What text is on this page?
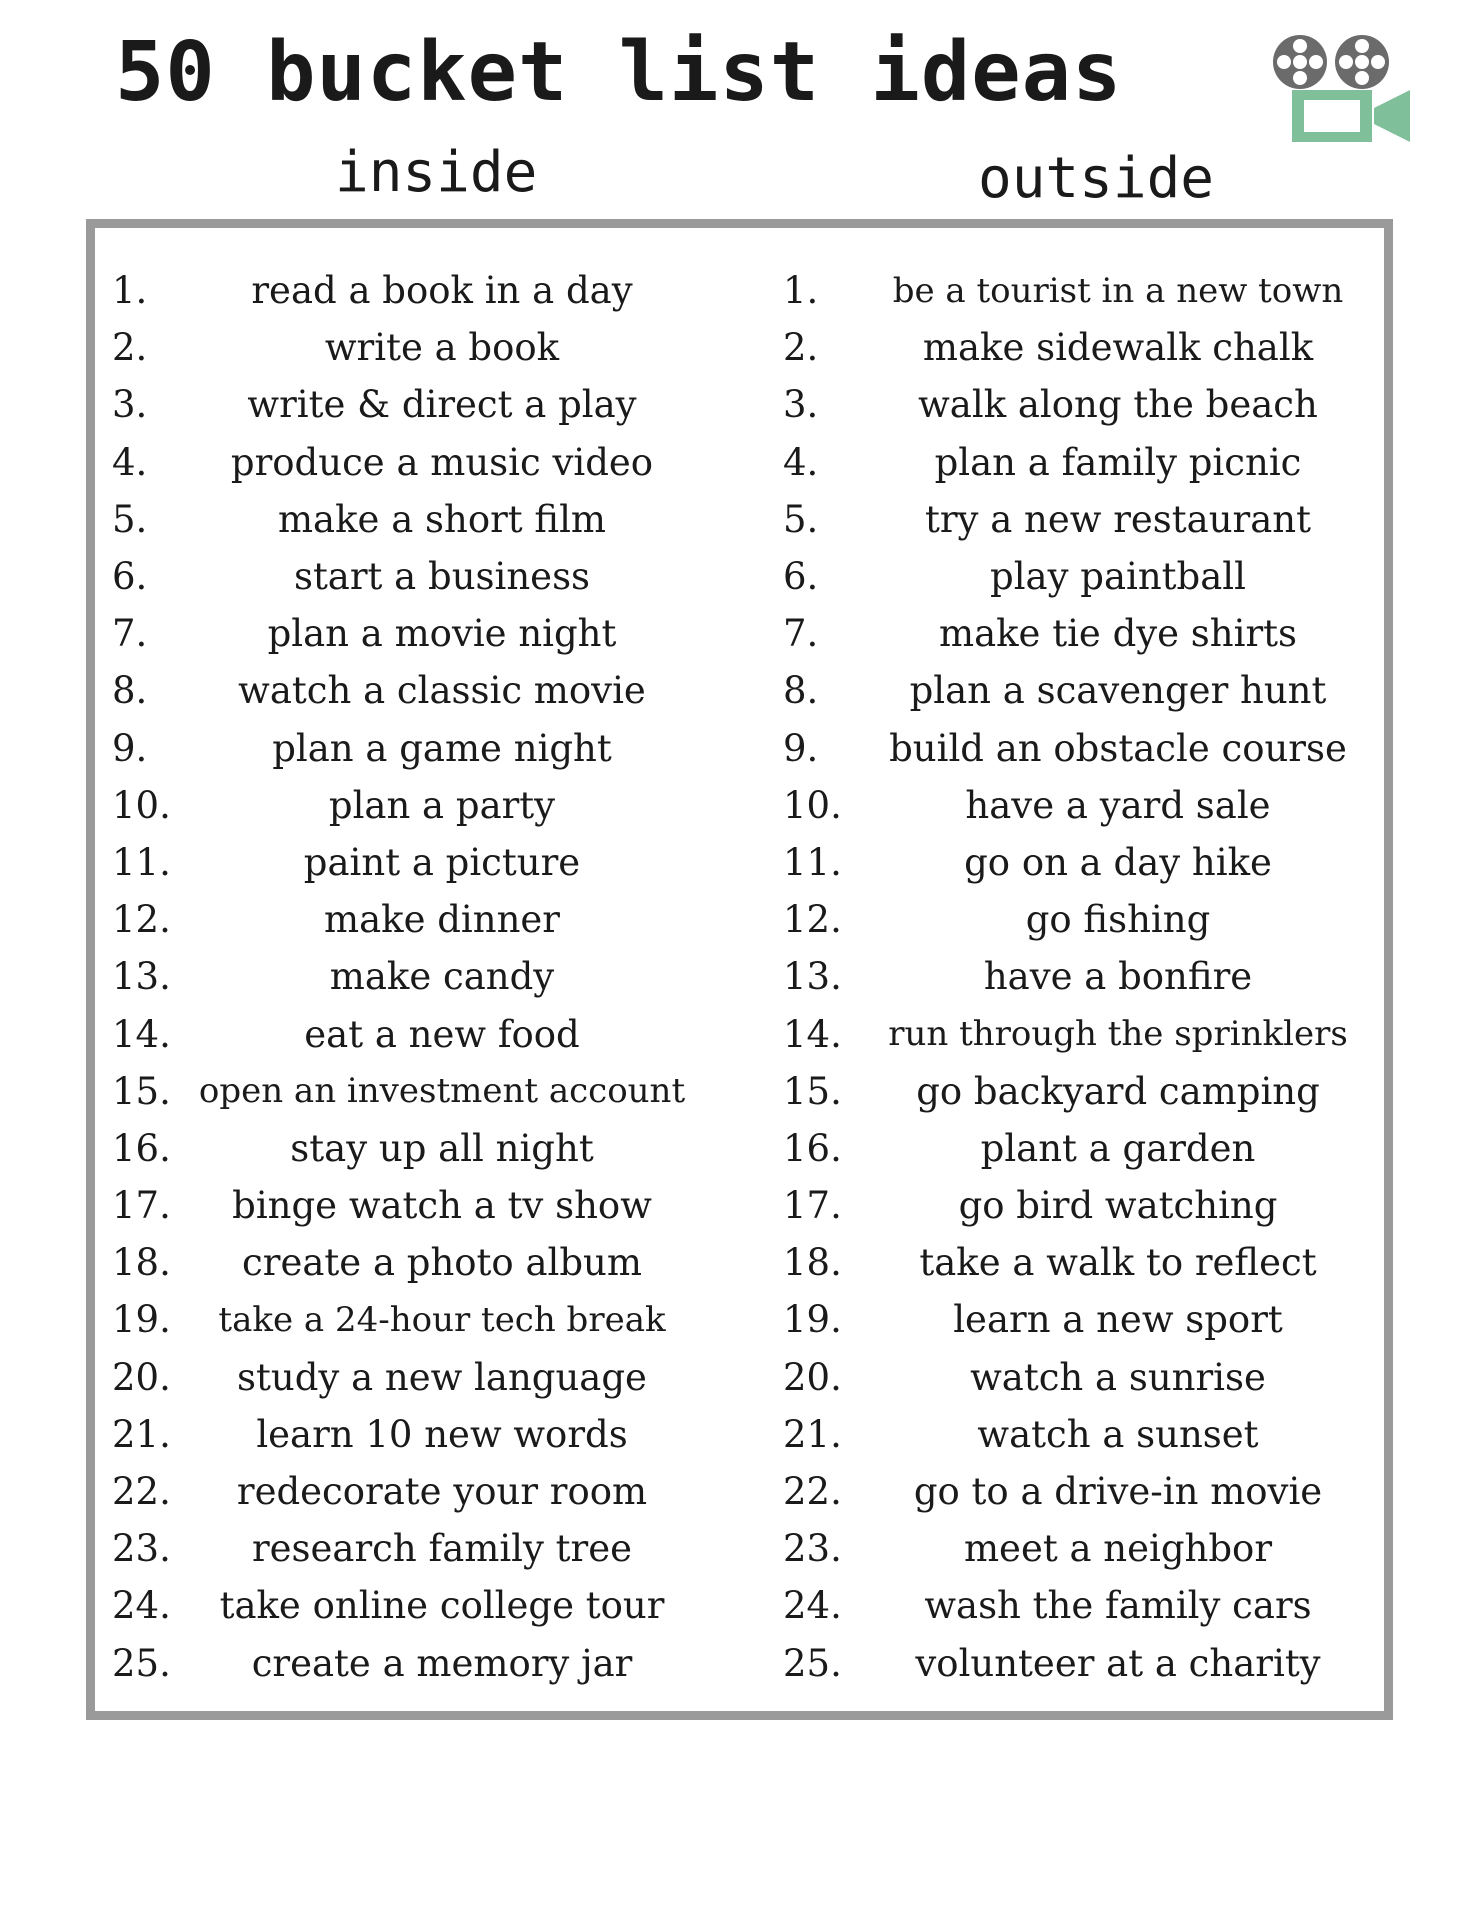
50 bucket list ideas
inside	outside
1.	read a book in a day
2.	write a book
3.	write & direct a play
4.	produce a music video
5.	make a short film
6.	start a business
7.	plan a movie night
8.	watch a classic movie
9.	plan a game night
10.	plan a party
11.	paint a picture
12.	make dinner
13.	make candy
14.	eat a new food
15. open an investment account
16.	stay up all night
17.	binge watch a tv show
18.	create a photo album
19.	take a 24-hour tech break
20.	study a new language
21.	learn 10 new words
22.	redecorate your room
23.	research family tree
24.	take online college tour
25.	create a memory jar
1.	be a tourist in a new town
2.	make sidewalk chalk
3.	walk along the beach
4.	plan a family picnic
5.	try a new restaurant
6.	play paintball
7.	make tie dye shirts
8.	plan a scavenger hunt
9.	build an obstacle course
10.	have a yard sale
11.	go on a day hike
12.	go fishing
13.	have a bonfire
14.	run through the sprinklers
15.	go backyard camping
16.	plant a garden
17.	go bird watching
18.	take a walk to reflect
19.	learn a new sport
20.	watch a sunrise
21.	watch a sunset
22.	go to a drive-in movie
23.	meet a neighbor
24.	wash the family cars
25.	volunteer at a charity
